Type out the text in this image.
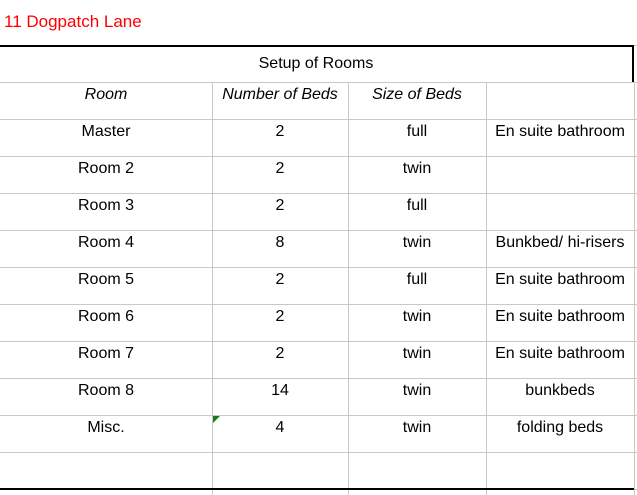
11 Dogpatch Lane
Setup of Rooms
Room	Number of Beds	Size of Beds
Master	2	full	En suite bathroom
Room 2	2	twin
Room 3	2	full
Room 4	8	twin	Bunkbed/ hi-risers
Room 5	2	full	En suite bathroom
Room 6	2	twin	En suite bathroom
Room 7	2	twin	En suite bathroom
Room 8	14	twin	bunkbeds
Misc.	4	twin	folding beds
